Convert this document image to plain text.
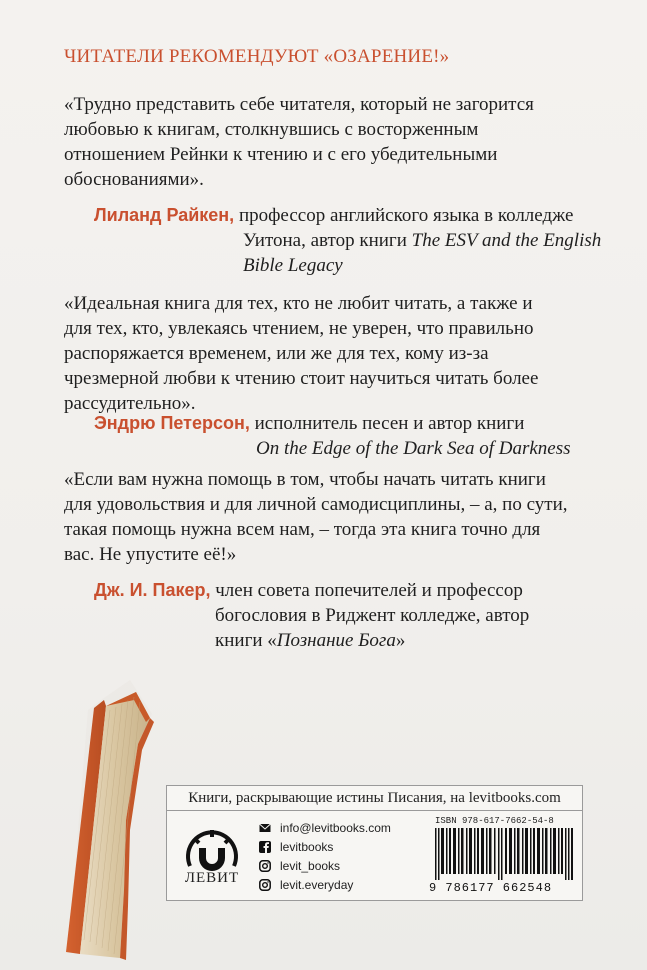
ЧИТАТЕЛИ РЕКОМЕНДУЮТ «ОЗАРЕНИЕ!»
«Трудно представить себе читателя, который не загорится
любовью к книгам, столкнувшись с восторженным
отношением Рейнки к чтению и с его убедительными
обоснованиями».
Лиланд Райкен, профессор английского языка в колледже
Уитона, автор книги The ESV and the English
Bible Legacy
«Идеальная книга для тех, кто не любит читать, а также и
для тех, кто, увлекаясь чтением, не уверен, что правильно
распоряжается временем, или же для тех, кому из-за
чрезмерной любви к чтению стоит научиться читать более
рассудительно».
Эндрю Петерсон, исполнитель песен и автор книги
On the Edge of the Dark Sea of Darkness
«Если вам нужна помощь в том, чтобы начать читать книги
для удовольствия и для личной самодисциплины, – а, по сути,
такая помощь нужна всем нам, – тогда эта книга точно для
вас. Не упустите её!»
Дж. И. Пакер, член совета попечителей и профессор
богословия в Риджент колледже, автор
книги «Познание Бога»
Книги, раскрывающие истины Писания, на levitbooks.com
ЛЕВИТ
info@levitbooks.com
levitbooks
levit_books
levit.everyday
ISBN 978-617-7662-54-8
9 786177 662548
